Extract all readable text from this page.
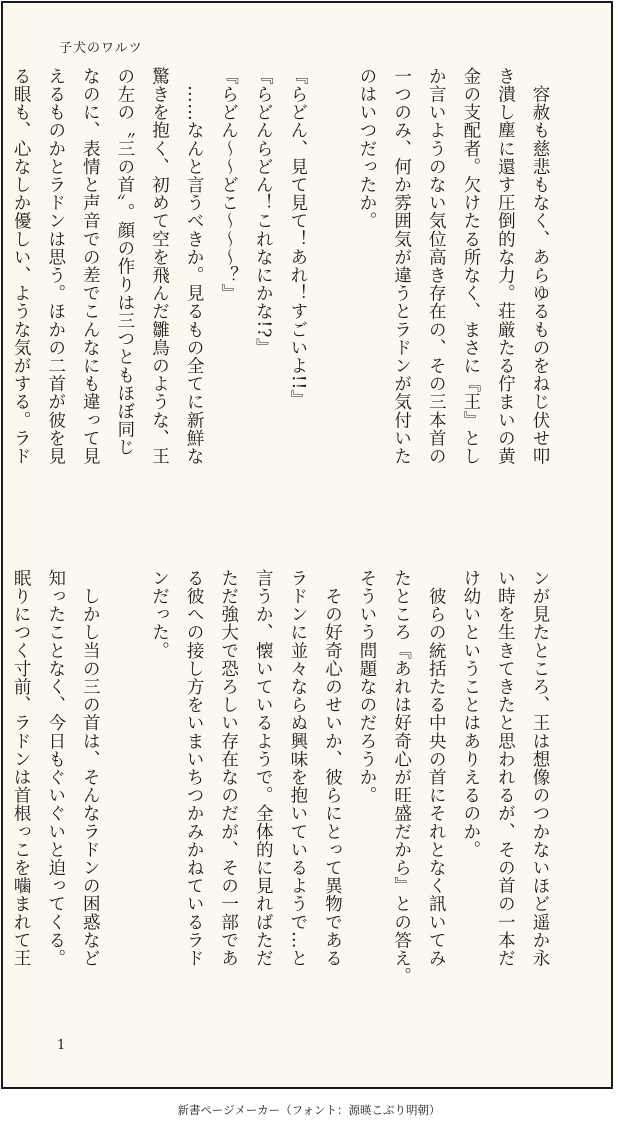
子犬のワルツ
　容赦も慈悲もなく、あらゆるものをねじ伏せ叩
き潰し塵に還す圧倒的な力。荘厳たる佇まいの黄
金の支配者。欠けたる所なく、まさに『王』とし
か言いようのない気位高き存在の、その三本首の
一つのみ、何か雰囲気が違うとラドンが気付いた
のはいつだったか。
『らどん、見て見て！あれ！すごいよ!!』
『らどんらどん！これなにかな!?』
『らどん～～どこ～～～？』
　……なんと言うべきか。見るもの全てに新鮮な
驚きを抱く、初めて空を飛んだ雛鳥のような、王
の左の〝三の首〟。顔の作りは三つともほぼ同じ
なのに、表情と声音での差でこんなにも違って見
えるものかとラドンは思う。ほかの二首が彼を見
る眼も、心なしか優しい、ような気がする。ラド
ンが見たところ、王は想像のつかないほど遥か永
い時を生きてきたと思われるが、その首の一本だ
け幼いということはありえるのか。
　彼らの統括たる中央の首にそれとなく訊いてみ
たところ『あれは好奇心が旺盛だから』との答え。
そういう問題なのだろうか。
　その好奇心のせいか、彼らにとって異物である
ラドンに並々ならぬ興味を抱いているようで…と
言うか、懐いているようで。全体的に見ればただ
ただ強大で恐ろしい存在なのだが、その一部であ
る彼への接し方をいまいちつかみかねているラド
ンだった。
　しかし当の三の首は、そんなラドンの困惑など
知ったことなく、今日もぐいぐいと迫ってくる。
眠りにつく寸前、ラドンは首根っこを噛まれて王
1
新書ページメーカー（フォント：源暎こぶり明朝）
